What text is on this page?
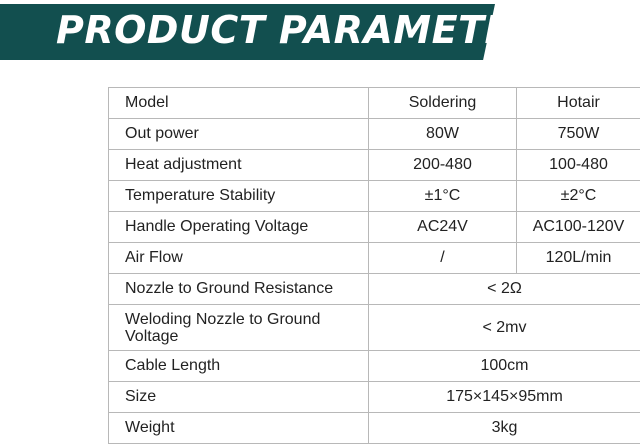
PRODUCT PARAMETERS
Model	Soldering	Hotair
Out power	80W	750W
Heat adjustment	200-480	100-480
Temperature Stability	±1°C	±2°C
Handle Operating Voltage	AC24V	AC100-120V
Air Flow	/	120L/min
Nozzle to Ground Resistance	< 2Ω	
Weloding Nozzle to Ground Voltage	< 2mv	
Cable Length	100cm	
Size	175×145×95mm	
Weight	3kg	
